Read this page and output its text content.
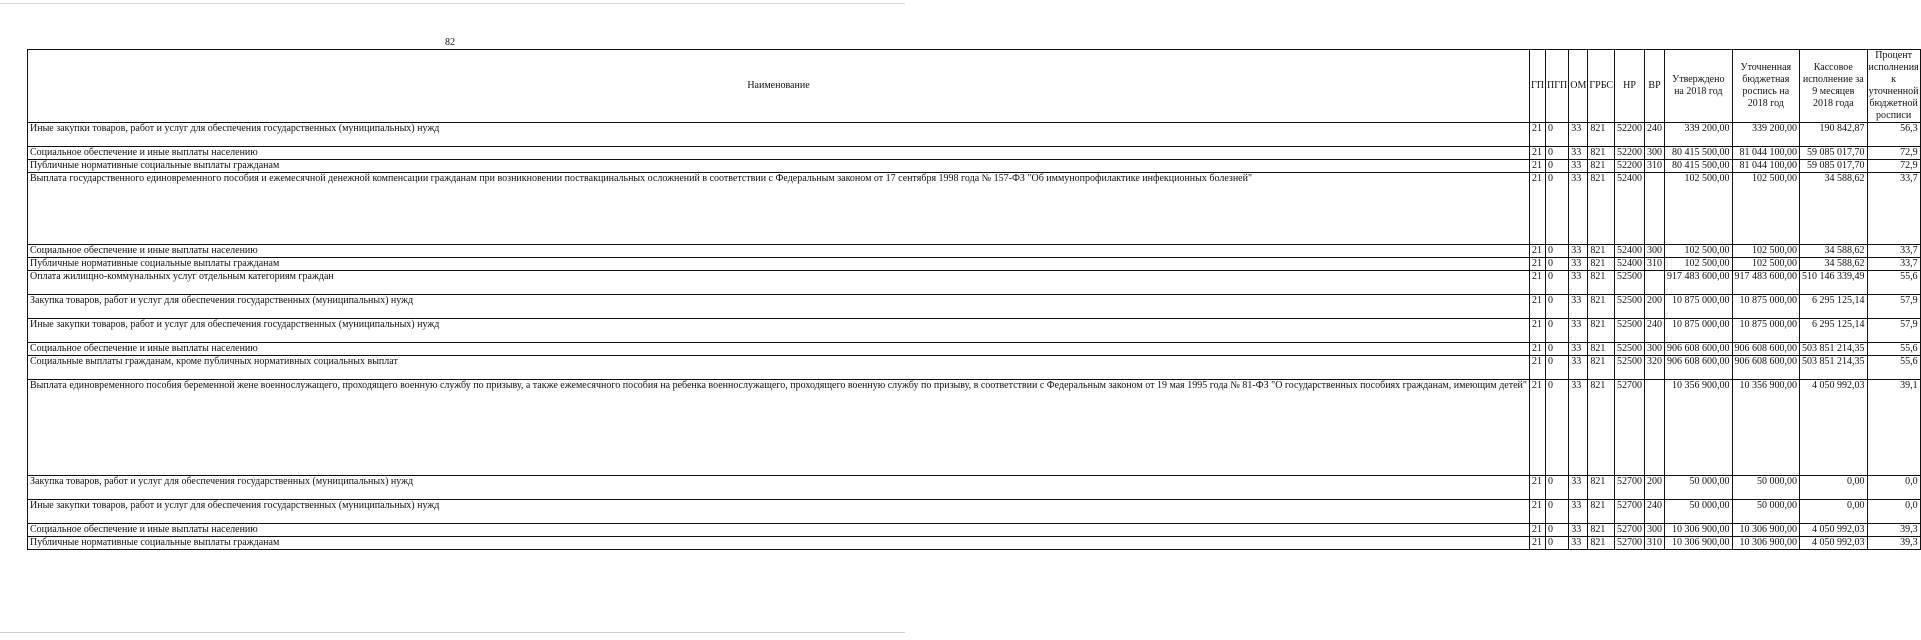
82
Наименование	ГП	ПГП	ОМ	ГРБС	НР	ВР	Утверждено на 2018 год	Уточненная бюджетная роспись на 2018 год	Кассовое исполнение за 9 месяцев 2018 года	Процент исполнения к уточненной бюджетной росписи
Иные закупки товаров, работ и услуг для обеспечения государственных (муниципальных) нужд	21	0	33	821	52200	240	339 200,00	339 200,00	190 842,87	56,3
Социальное обеспечение и иные выплаты населению	21	0	33	821	52200	300	80 415 500,00	81 044 100,00	59 085 017,70	72,9
Публичные нормативные социальные выплаты гражданам	21	0	33	821	52200	310	80 415 500,00	81 044 100,00	59 085 017,70	72,9
Выплата государственного единовременного пособия и ежемесячной денежной компенсации гражданам при возникновении поствакцинальных осложнений в соответствии с Федеральным законом от 17 сентября 1998 года № 157-ФЗ "Об иммунопрофилактике инфекционных болезней"	21	0	33	821	52400		102 500,00	102 500,00	34 588,62	33,7
Социальное обеспечение и иные выплаты населению	21	0	33	821	52400	300	102 500,00	102 500,00	34 588,62	33,7
Публичные нормативные социальные выплаты гражданам	21	0	33	821	52400	310	102 500,00	102 500,00	34 588,62	33,7
Оплата жилищно-коммунальных услуг отдельным категориям граждан	21	0	33	821	52500		917 483 600,00	917 483 600,00	510 146 339,49	55,6
Закупка товаров, работ и услуг для обеспечения государственных (муниципальных) нужд	21	0	33	821	52500	200	10 875 000,00	10 875 000,00	6 295 125,14	57,9
Иные закупки товаров, работ и услуг для обеспечения государственных (муниципальных) нужд	21	0	33	821	52500	240	10 875 000,00	10 875 000,00	6 295 125,14	57,9
Социальное обеспечение и иные выплаты населению	21	0	33	821	52500	300	906 608 600,00	906 608 600,00	503 851 214,35	55,6
Социальные выплаты гражданам, кроме публичных нормативных социальных выплат	21	0	33	821	52500	320	906 608 600,00	906 608 600,00	503 851 214,35	55,6
Выплата единовременного пособия беременной жене военнослужащего, проходящего военную службу по призыву, а также ежемесячного пособия на ребенка военнослужащего, проходящего военную службу по призыву, в соответствии с Федеральным законом от 19 мая 1995 года № 81-ФЗ "О государственных пособиях гражданам, имеющим детей"	21	0	33	821	52700		10 356 900,00	10 356 900,00	4 050 992,03	39,1
Закупка товаров, работ и услуг для обеспечения государственных (муниципальных) нужд	21	0	33	821	52700	200	50 000,00	50 000,00	0,00	0,0
Иные закупки товаров, работ и услуг для обеспечения государственных (муниципальных) нужд	21	0	33	821	52700	240	50 000,00	50 000,00	0,00	0,0
Социальное обеспечение и иные выплаты населению	21	0	33	821	52700	300	10 306 900,00	10 306 900,00	4 050 992,03	39,3
Публичные нормативные социальные выплаты гражданам	21	0	33	821	52700	310	10 306 900,00	10 306 900,00	4 050 992,03	39,3
